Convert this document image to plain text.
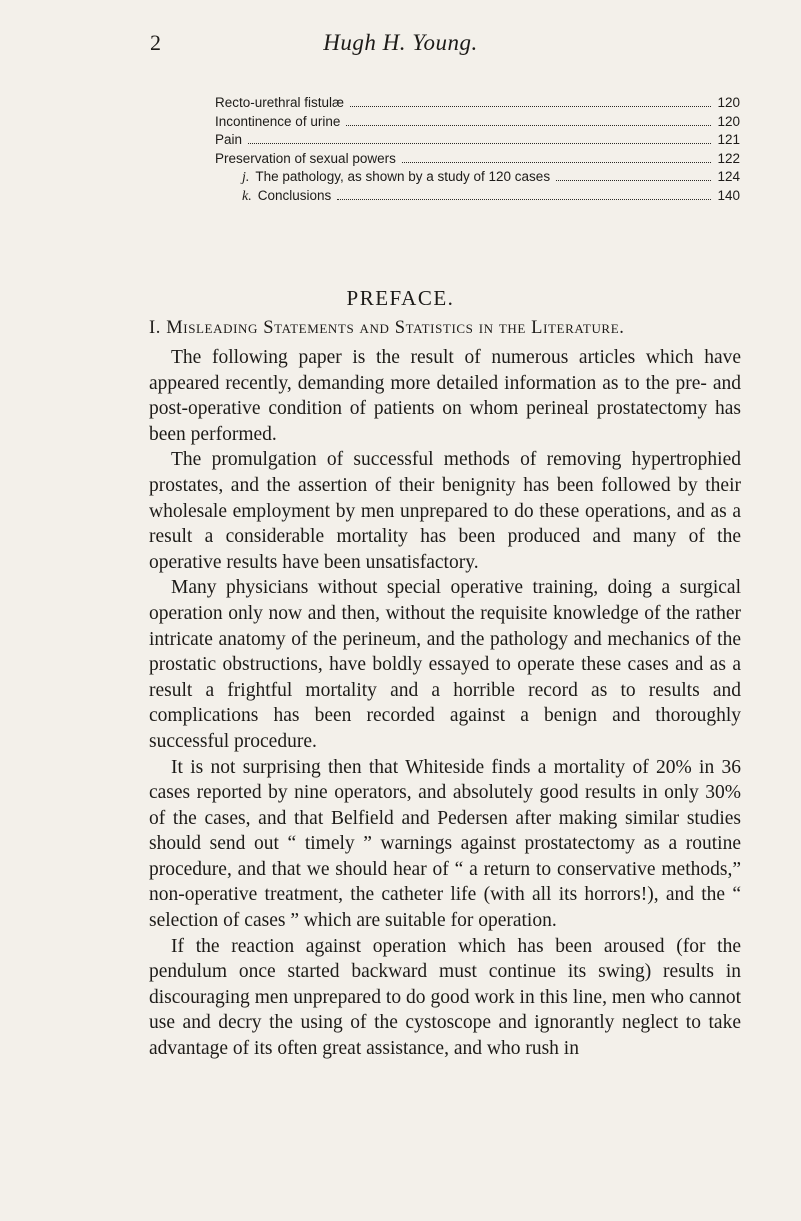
2	Hugh H. Young.
Recto-urethral fistulæ	120
Incontinence of urine	120
Pain	121
Preservation of sexual powers	122
j. The pathology, as shown by a study of 120 cases	124
k. Conclusions	140
PREFACE.
I. Misleading Statements and Statistics in the Literature.

The following paper is the result of numerous articles which have appeared recently, demanding more detailed information as to the pre- and post-operative condition of patients on whom perineal prostatectomy has been performed.

The promulgation of successful methods of removing hypertrophied prostates, and the assertion of their benignity has been followed by their wholesale employment by men unprepared to do these operations, and as a result a considerable mortality has been produced and many of the operative results have been unsatisfactory.

Many physicians without special operative training, doing a surgical operation only now and then, without the requisite knowledge of the rather intricate anatomy of the perineum, and the pathology and mechanics of the prostatic obstructions, have boldly essayed to operate these cases and as a result a frightful mortality and a horrible record as to results and complications has been recorded against a benign and thoroughly successful procedure.

It is not surprising then that Whiteside finds a mortality of 20% in 36 cases reported by nine operators, and absolutely good results in only 30% of the cases, and that Belfield and Pedersen after making similar studies should send out “ timely ” warnings against prostatectomy as a routine procedure, and that we should hear of “ a return to conservative methods,” non-operative treatment, the catheter life (with all its horrors!), and the “ selection of cases ” which are suitable for operation.

If the reaction against operation which has been aroused (for the pendulum once started backward must continue its swing) results in discouraging men unprepared to do good work in this line, men who cannot use and decry the using of the cystoscope and ignorantly neglect to take advantage of its often great assistance, and who rush in
